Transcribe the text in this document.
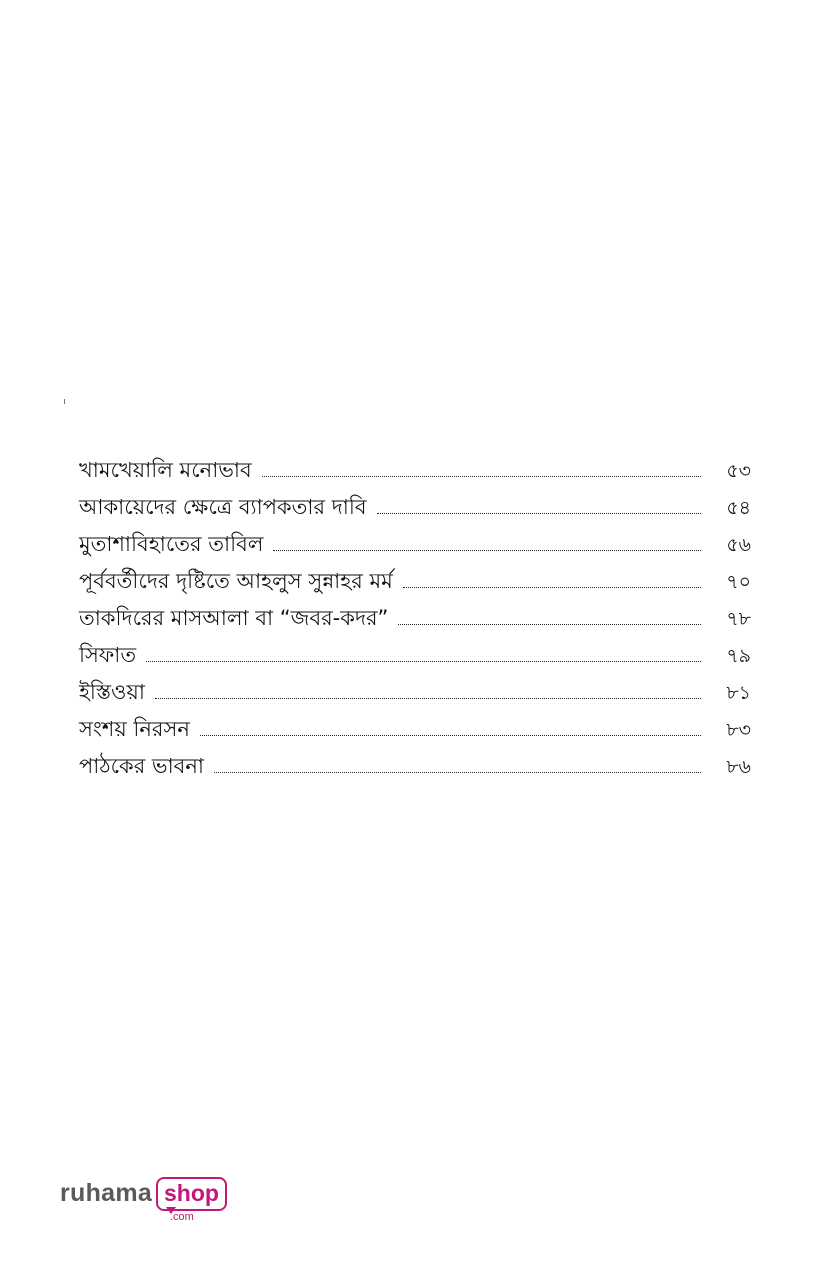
খামখেয়ালি মনোভাব	৫৩
আকায়েদের ক্ষেত্রে ব্যাপকতার দাবি	৫৪
মুতাশাবিহাতের তাবিল	৫৬
পূর্ববর্তীদের দৃষ্টিতে আহলুস সুন্নাহর মর্ম	৭০
তাকদিরের মাসআলা বা “জবর-কদর”	৭৮
সিফাত	৭৯
ইস্তিওয়া	৮১
সংশয় নিরসন	৮৩
পাঠকের ভাবনা	৮৬
ruhama shop
.com
